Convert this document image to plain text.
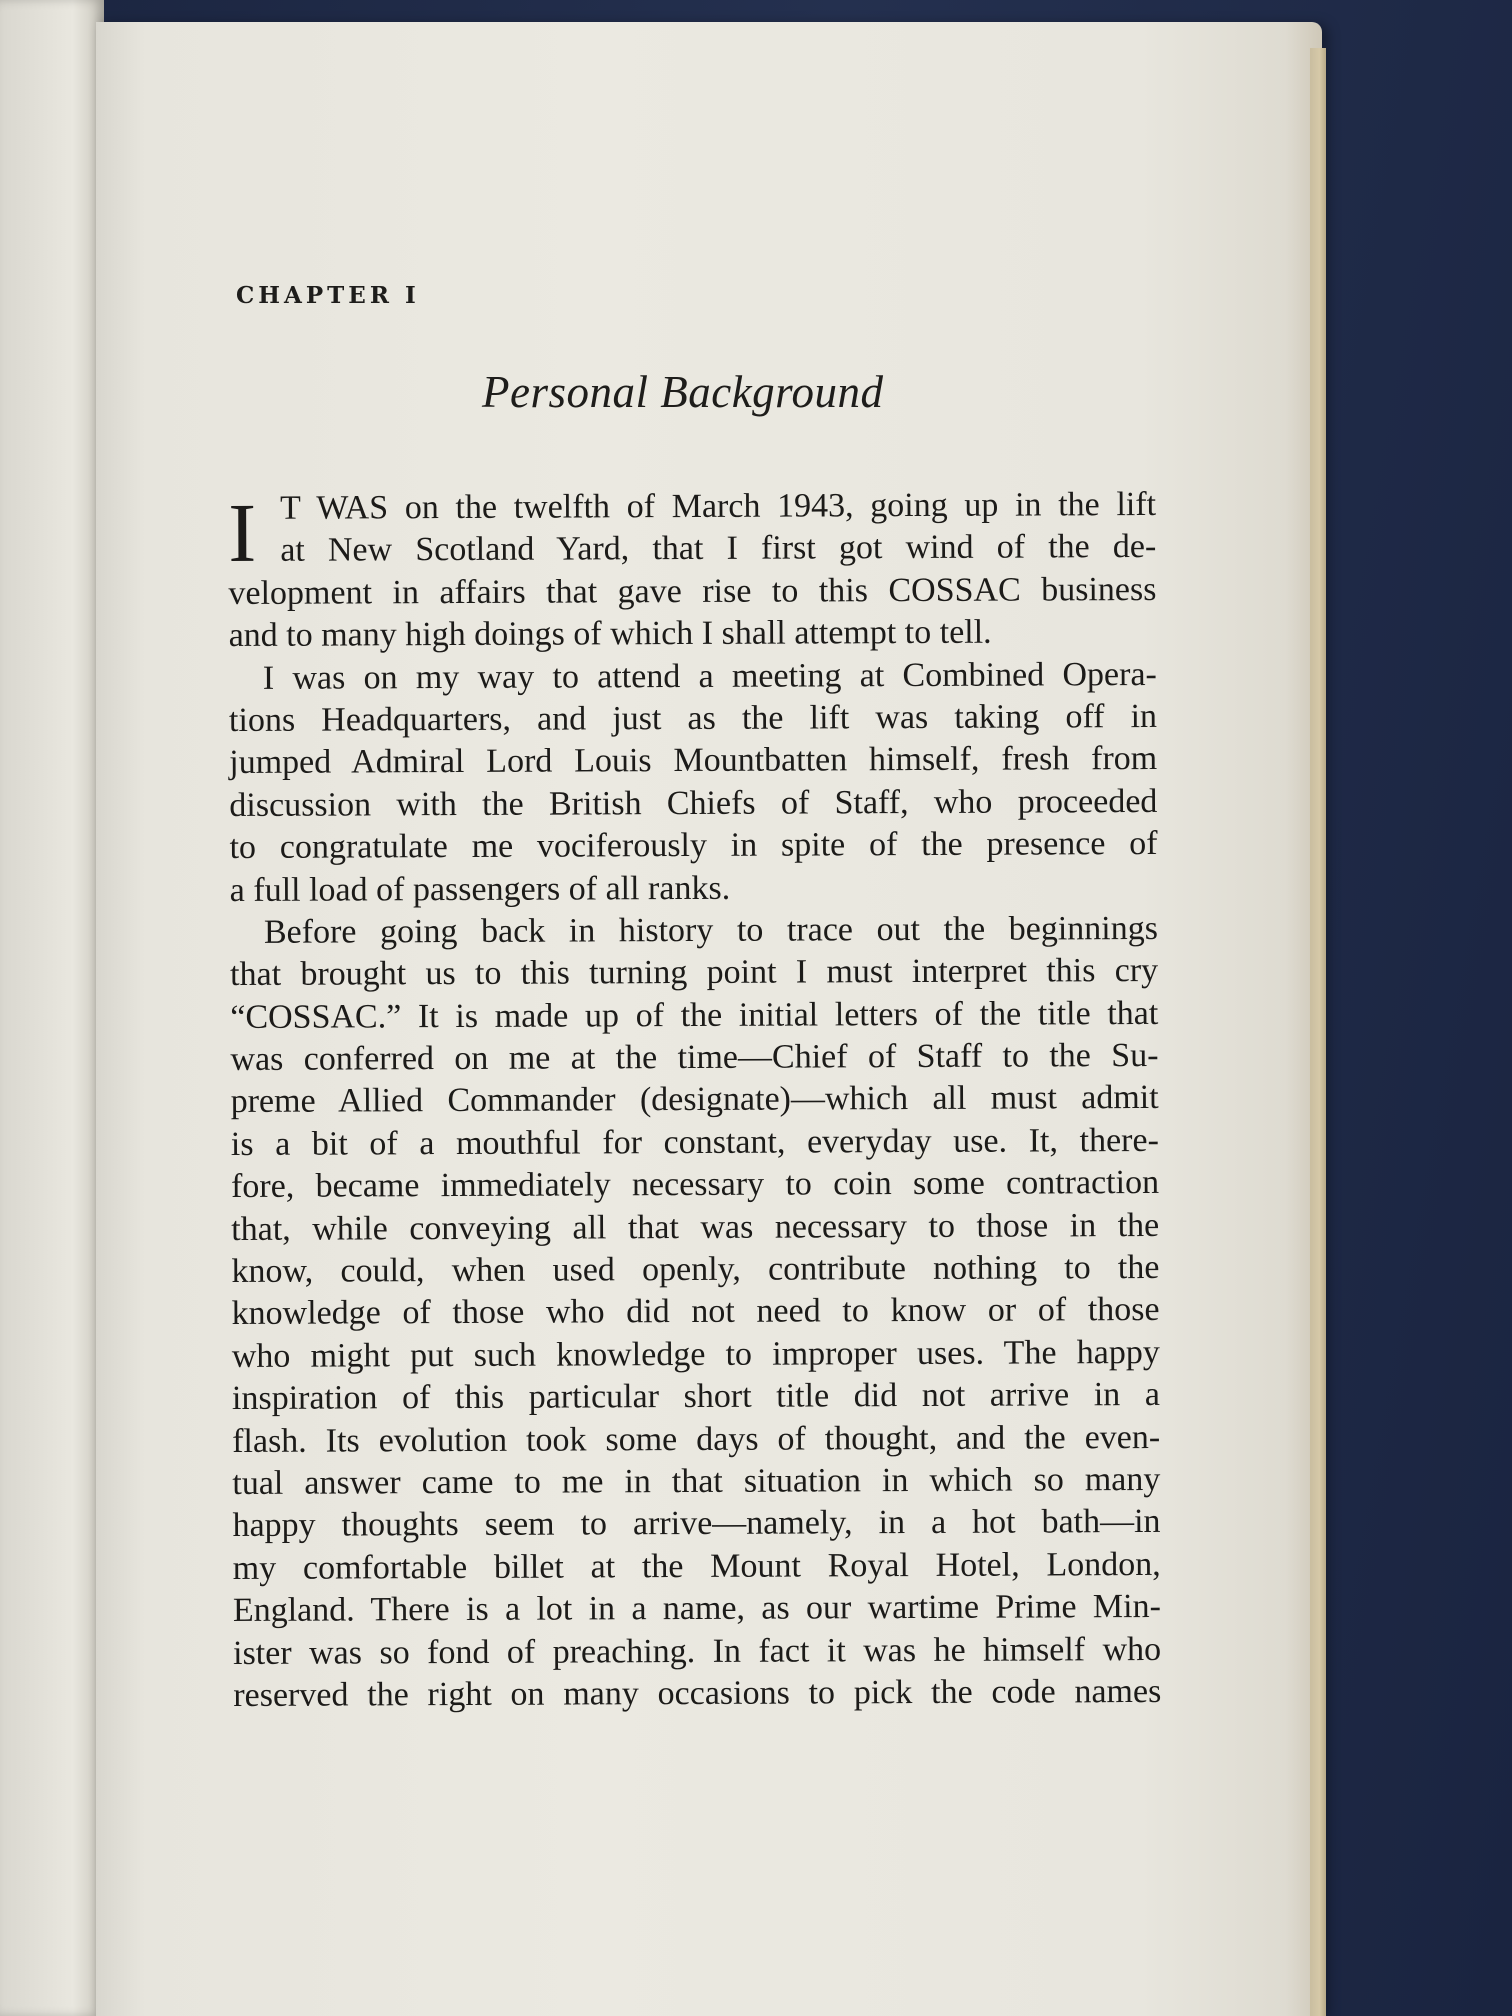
CHAPTER I
Personal Background
I T WAS on the twelfth of March 1943, going up in the lift
at New Scotland Yard, that I first got wind of the de-
velopment in affairs that gave rise to this COSSAC business
and to many high doings of which I shall attempt to tell.
I was on my way to attend a meeting at Combined Opera-
tions Headquarters, and just as the lift was taking off in
jumped Admiral Lord Louis Mountbatten himself, fresh from
discussion with the British Chiefs of Staff, who proceeded
to congratulate me vociferously in spite of the presence of
a full load of passengers of all ranks.
Before going back in history to trace out the beginnings
that brought us to this turning point I must interpret this cry
“COSSAC.” It is made up of the initial letters of the title that
was conferred on me at the time—Chief of Staff to the Su-
preme Allied Commander (designate)—which all must admit
is a bit of a mouthful for constant, everyday use. It, there-
fore, became immediately necessary to coin some contraction
that, while conveying all that was necessary to those in the
know, could, when used openly, contribute nothing to the
knowledge of those who did not need to know or of those
who might put such knowledge to improper uses. The happy
inspiration of this particular short title did not arrive in a
flash. Its evolution took some days of thought, and the even-
tual answer came to me in that situation in which so many
happy thoughts seem to arrive—namely, in a hot bath—in
my comfortable billet at the Mount Royal Hotel, London,
England. There is a lot in a name, as our wartime Prime Min-
ister was so fond of preaching. In fact it was he himself who
reserved the right on many occasions to pick the code names
